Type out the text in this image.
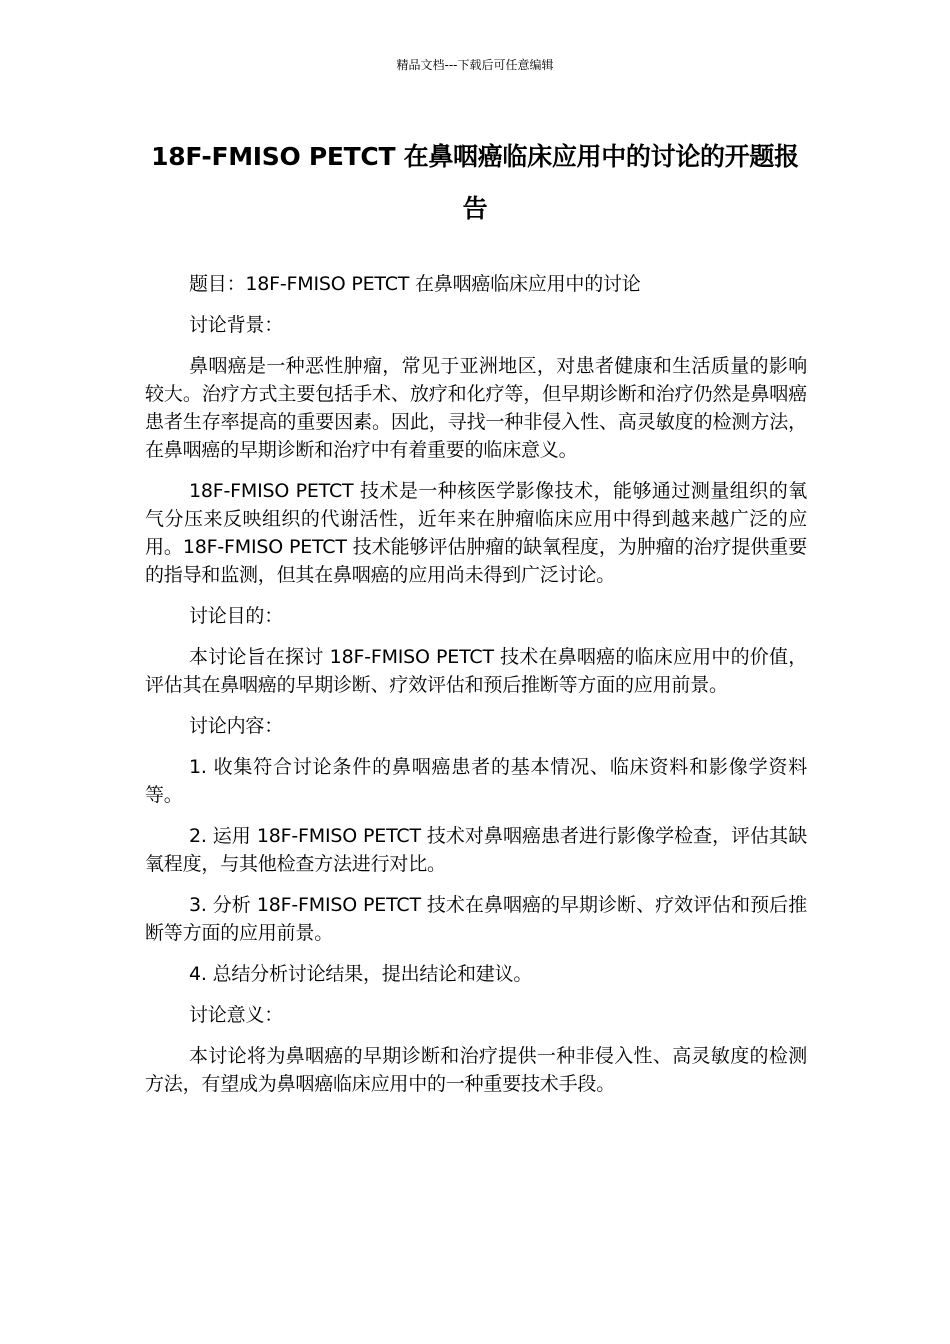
精品文档---下载后可任意编辑
18F-FMISO PETCT 在鼻咽癌临床应用中的讨论的开题报告

题目：18F-FMISO PETCT 在鼻咽癌临床应用中的讨论

讨论背景：

鼻咽癌是一种恶性肿瘤，常见于亚洲地区，对患者健康和生活质量的影响较大。治疗方式主要包括手术、放疗和化疗等，但早期诊断和治疗仍然是鼻咽癌患者生存率提高的重要因素。因此，寻找一种非侵入性、高灵敏度的检测方法，在鼻咽癌的早期诊断和治疗中有着重要的临床意义。

18F-FMISO PETCT 技术是一种核医学影像技术，能够通过测量组织的氧气分压来反映组织的代谢活性，近年来在肿瘤临床应用中得到越来越广泛的应用。18F-FMISO PETCT 技术能够评估肿瘤的缺氧程度，为肿瘤的治疗提供重要的指导和监测，但其在鼻咽癌的应用尚未得到广泛讨论。

讨论目的：

本讨论旨在探讨 18F-FMISO PETCT 技术在鼻咽癌的临床应用中的价值，评估其在鼻咽癌的早期诊断、疗效评估和预后推断等方面的应用前景。

讨论内容：

1. 收集符合讨论条件的鼻咽癌患者的基本情况、临床资料和影像学资料等。

2. 运用 18F-FMISO PETCT 技术对鼻咽癌患者进行影像学检查，评估其缺氧程度，与其他检查方法进行对比。

3. 分析 18F-FMISO PETCT 技术在鼻咽癌的早期诊断、疗效评估和预后推断等方面的应用前景。

4. 总结分析讨论结果，提出结论和建议。

讨论意义：

本讨论将为鼻咽癌的早期诊断和治疗提供一种非侵入性、高灵敏度的检测方法，有望成为鼻咽癌临床应用中的一种重要技术手段。
